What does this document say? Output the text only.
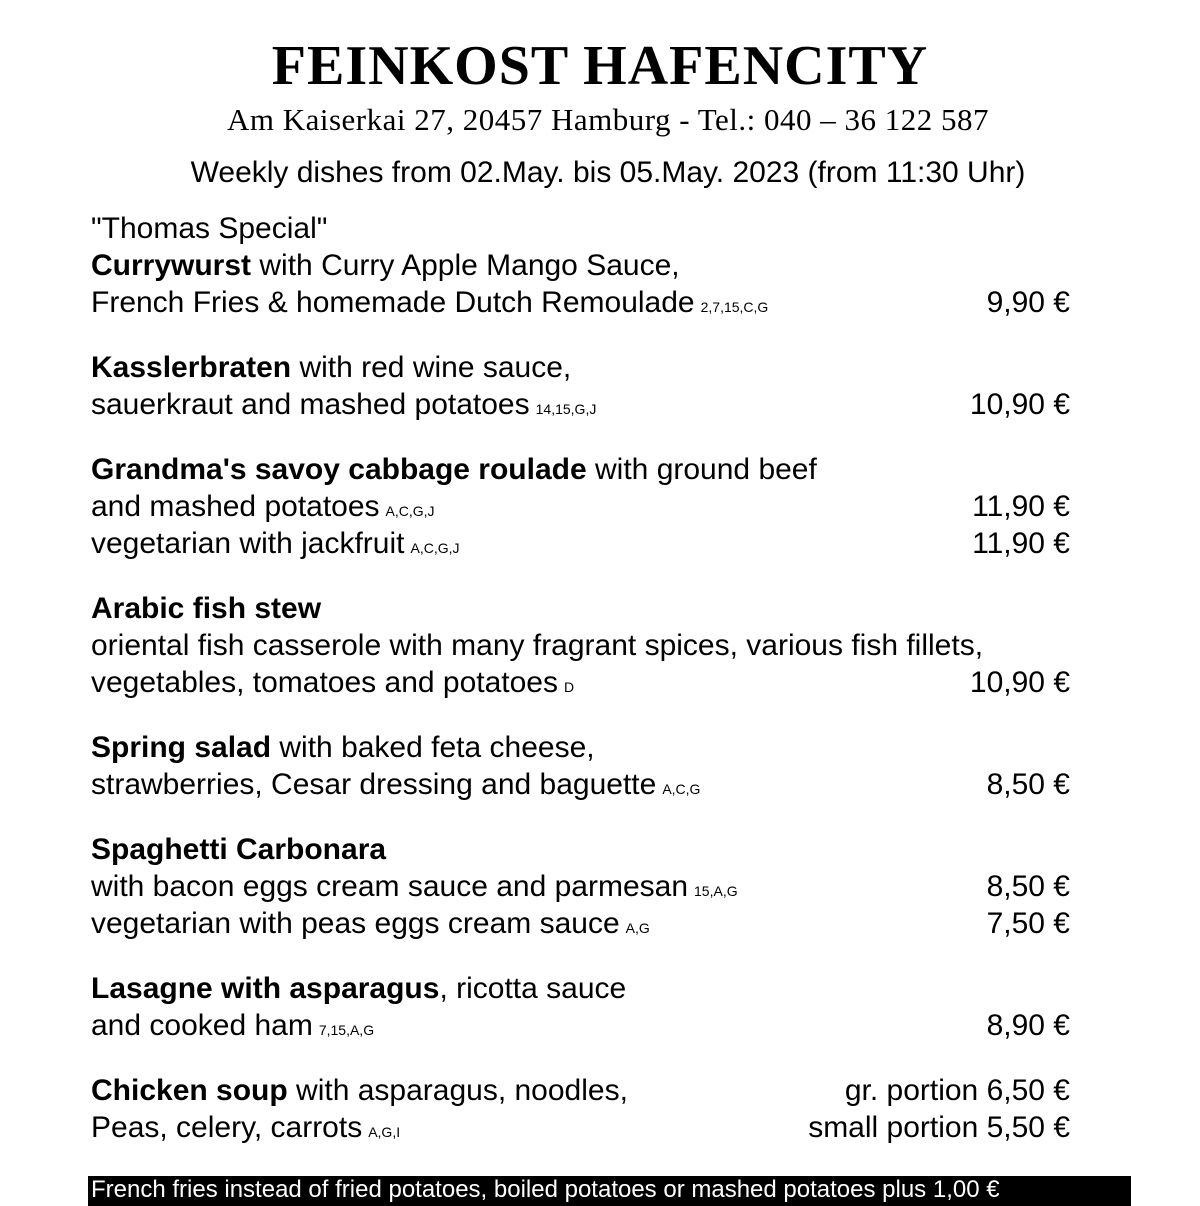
FEINKOST HAFENCITY
Am Kaiserkai 27, 20457 Hamburg - Tel.: 040 – 36 122 587
Weekly dishes from 02.May. bis 05.May. 2023 (from 11:30 Uhr)
"Thomas Special"
Currywurst with Curry Apple Mango Sauce,
French Fries & homemade Dutch Remoulade 2,7,15,C,G	9,90 €
Kasslerbraten with red wine sauce,
sauerkraut and mashed potatoes 14,15,G,J	10,90 €
Grandma's savoy cabbage roulade with ground beef
and mashed potatoes A,C,G,J	11,90 €
vegetarian with jackfruit A,C,G,J	11,90 €
Arabic fish stew
oriental fish casserole with many fragrant spices, various fish fillets,
vegetables, tomatoes and potatoes D	10,90 €
Spring salad with baked feta cheese,
strawberries, Cesar dressing and baguette A,C,G	8,50 €
Spaghetti Carbonara
with bacon eggs cream sauce and parmesan 15,A,G	8,50 €
vegetarian with peas eggs cream sauce A,G	7,50 €
Lasagne with asparagus, ricotta sauce
and cooked ham 7,15,A,G	8,90 €
Chicken soup with asparagus, noodles,	gr. portion 6,50 €
Peas, celery, carrots A,G,I	small portion 5,50 €
French fries instead of fried potatoes, boiled potatoes or mashed potatoes plus 1,00 €
